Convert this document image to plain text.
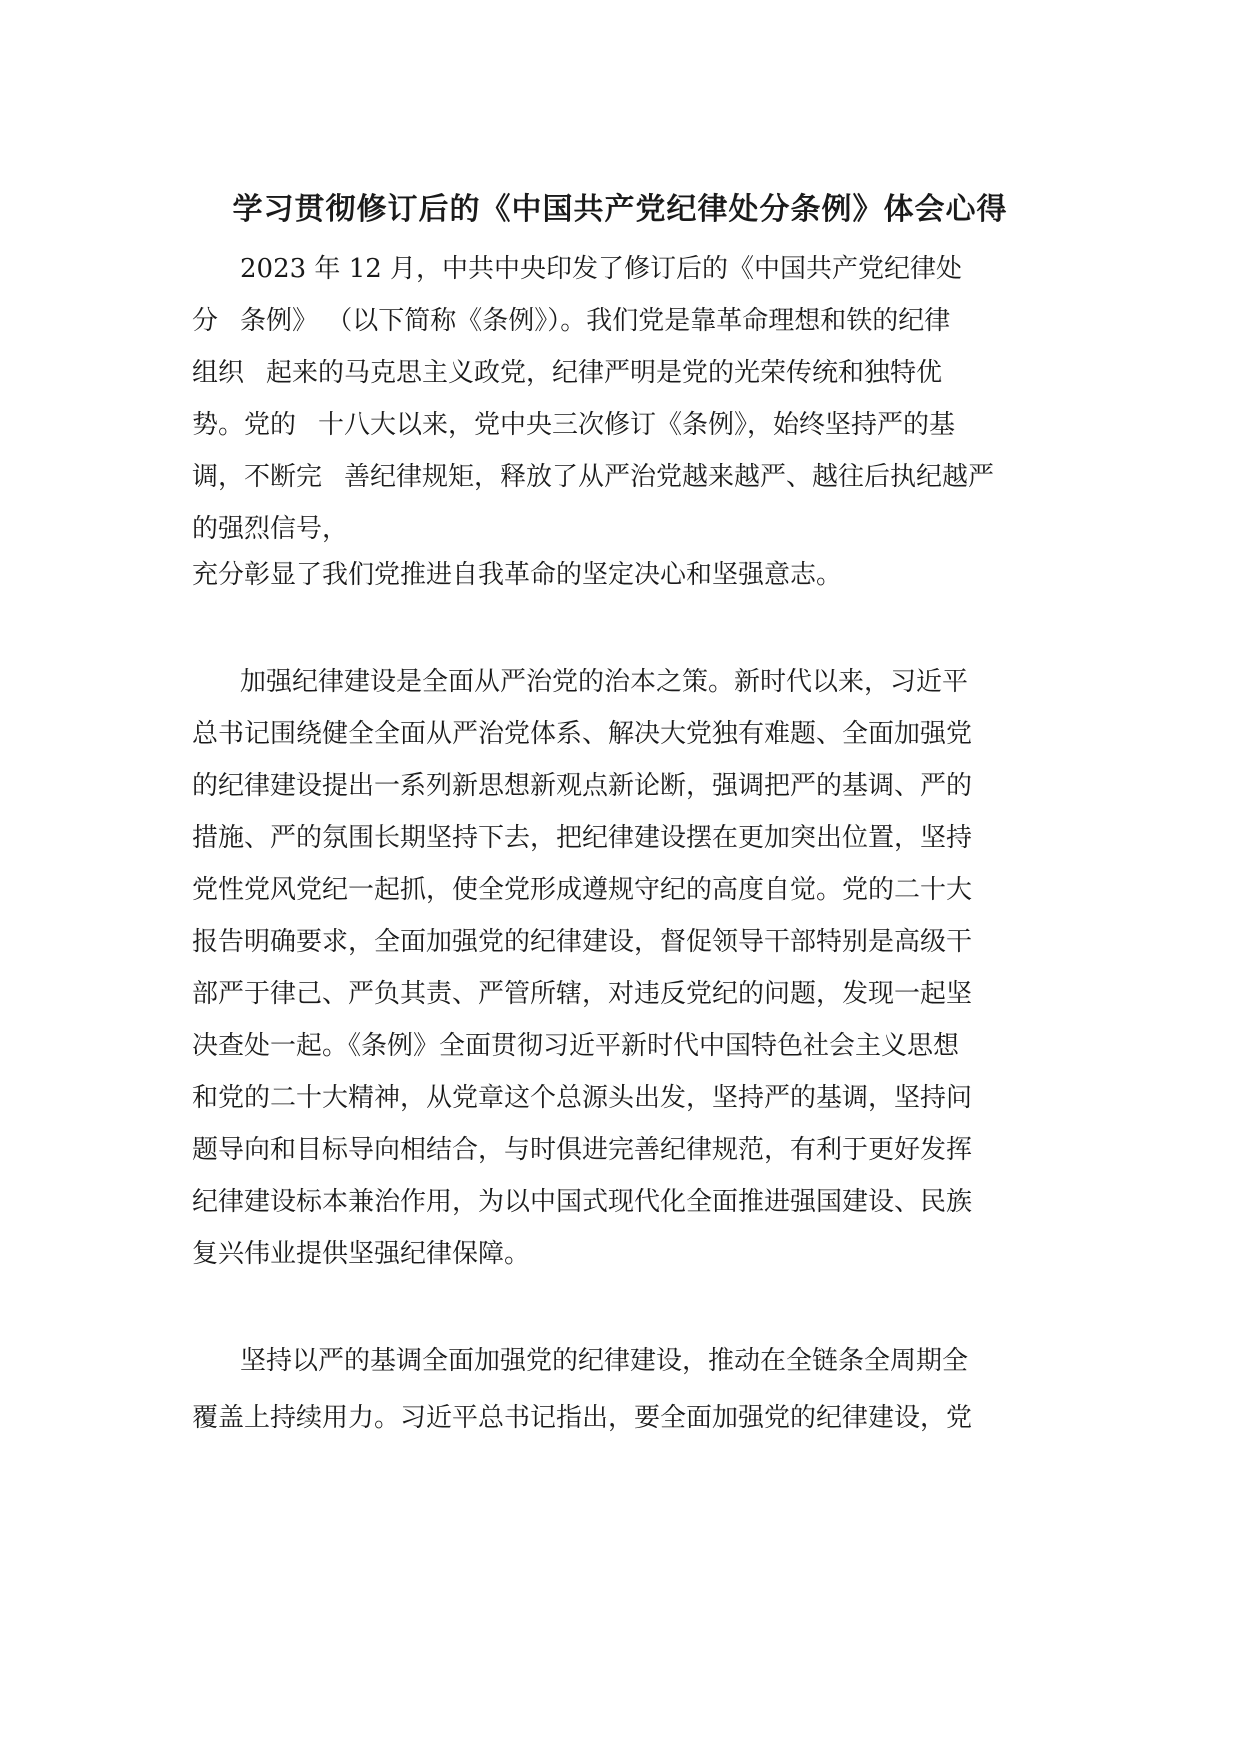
学习贯彻修订后的《中国共产党纪律处分条例》体会心得
2023 年 12 月，中共中央印发了修订后的《中国共产党纪律处
分 条例》 （以下简称《条例》）。我们党是靠革命理想和铁的纪律
组织 起来的马克思主义政党，纪律严明是党的光荣传统和独特优
势。党的 十八大以来，党中央三次修订《条例》，始终坚持严的基
调，不断完 善纪律规矩，释放了从严治党越来越严、越往后执纪越严
的强烈信号，
充分彰显了我们党推进自我革命的坚定决心和坚强意志。
加强纪律建设是全面从严治党的治本之策。新时代以来，习近平
总书记围绕健全全面从严治党体系、解决大党独有难题、全面加强党
的纪律建设提出一系列新思想新观点新论断，强调把严的基调、严的
措施、严的氛围长期坚持下去，把纪律建设摆在更加突出位置，坚持
党性党风党纪一起抓，使全党形成遵规守纪的高度自觉。党的二十大
报告明确要求，全面加强党的纪律建设，督促领导干部特别是高级干
部严于律己、严负其责、严管所辖，对违反党纪的问题，发现一起坚
决查处一起。《条例》全面贯彻习近平新时代中国特色社会主义思想
和党的二十大精神，从党章这个总源头出发，坚持严的基调，坚持问
题导向和目标导向相结合，与时俱进完善纪律规范，有利于更好发挥
纪律建设标本兼治作用，为以中国式现代化全面推进强国建设、民族
复兴伟业提供坚强纪律保障。
坚持以严的基调全面加强党的纪律建设，推动在全链条全周期全
覆盖上持续用力。习近平总书记指出，要全面加强党的纪律建设，党
